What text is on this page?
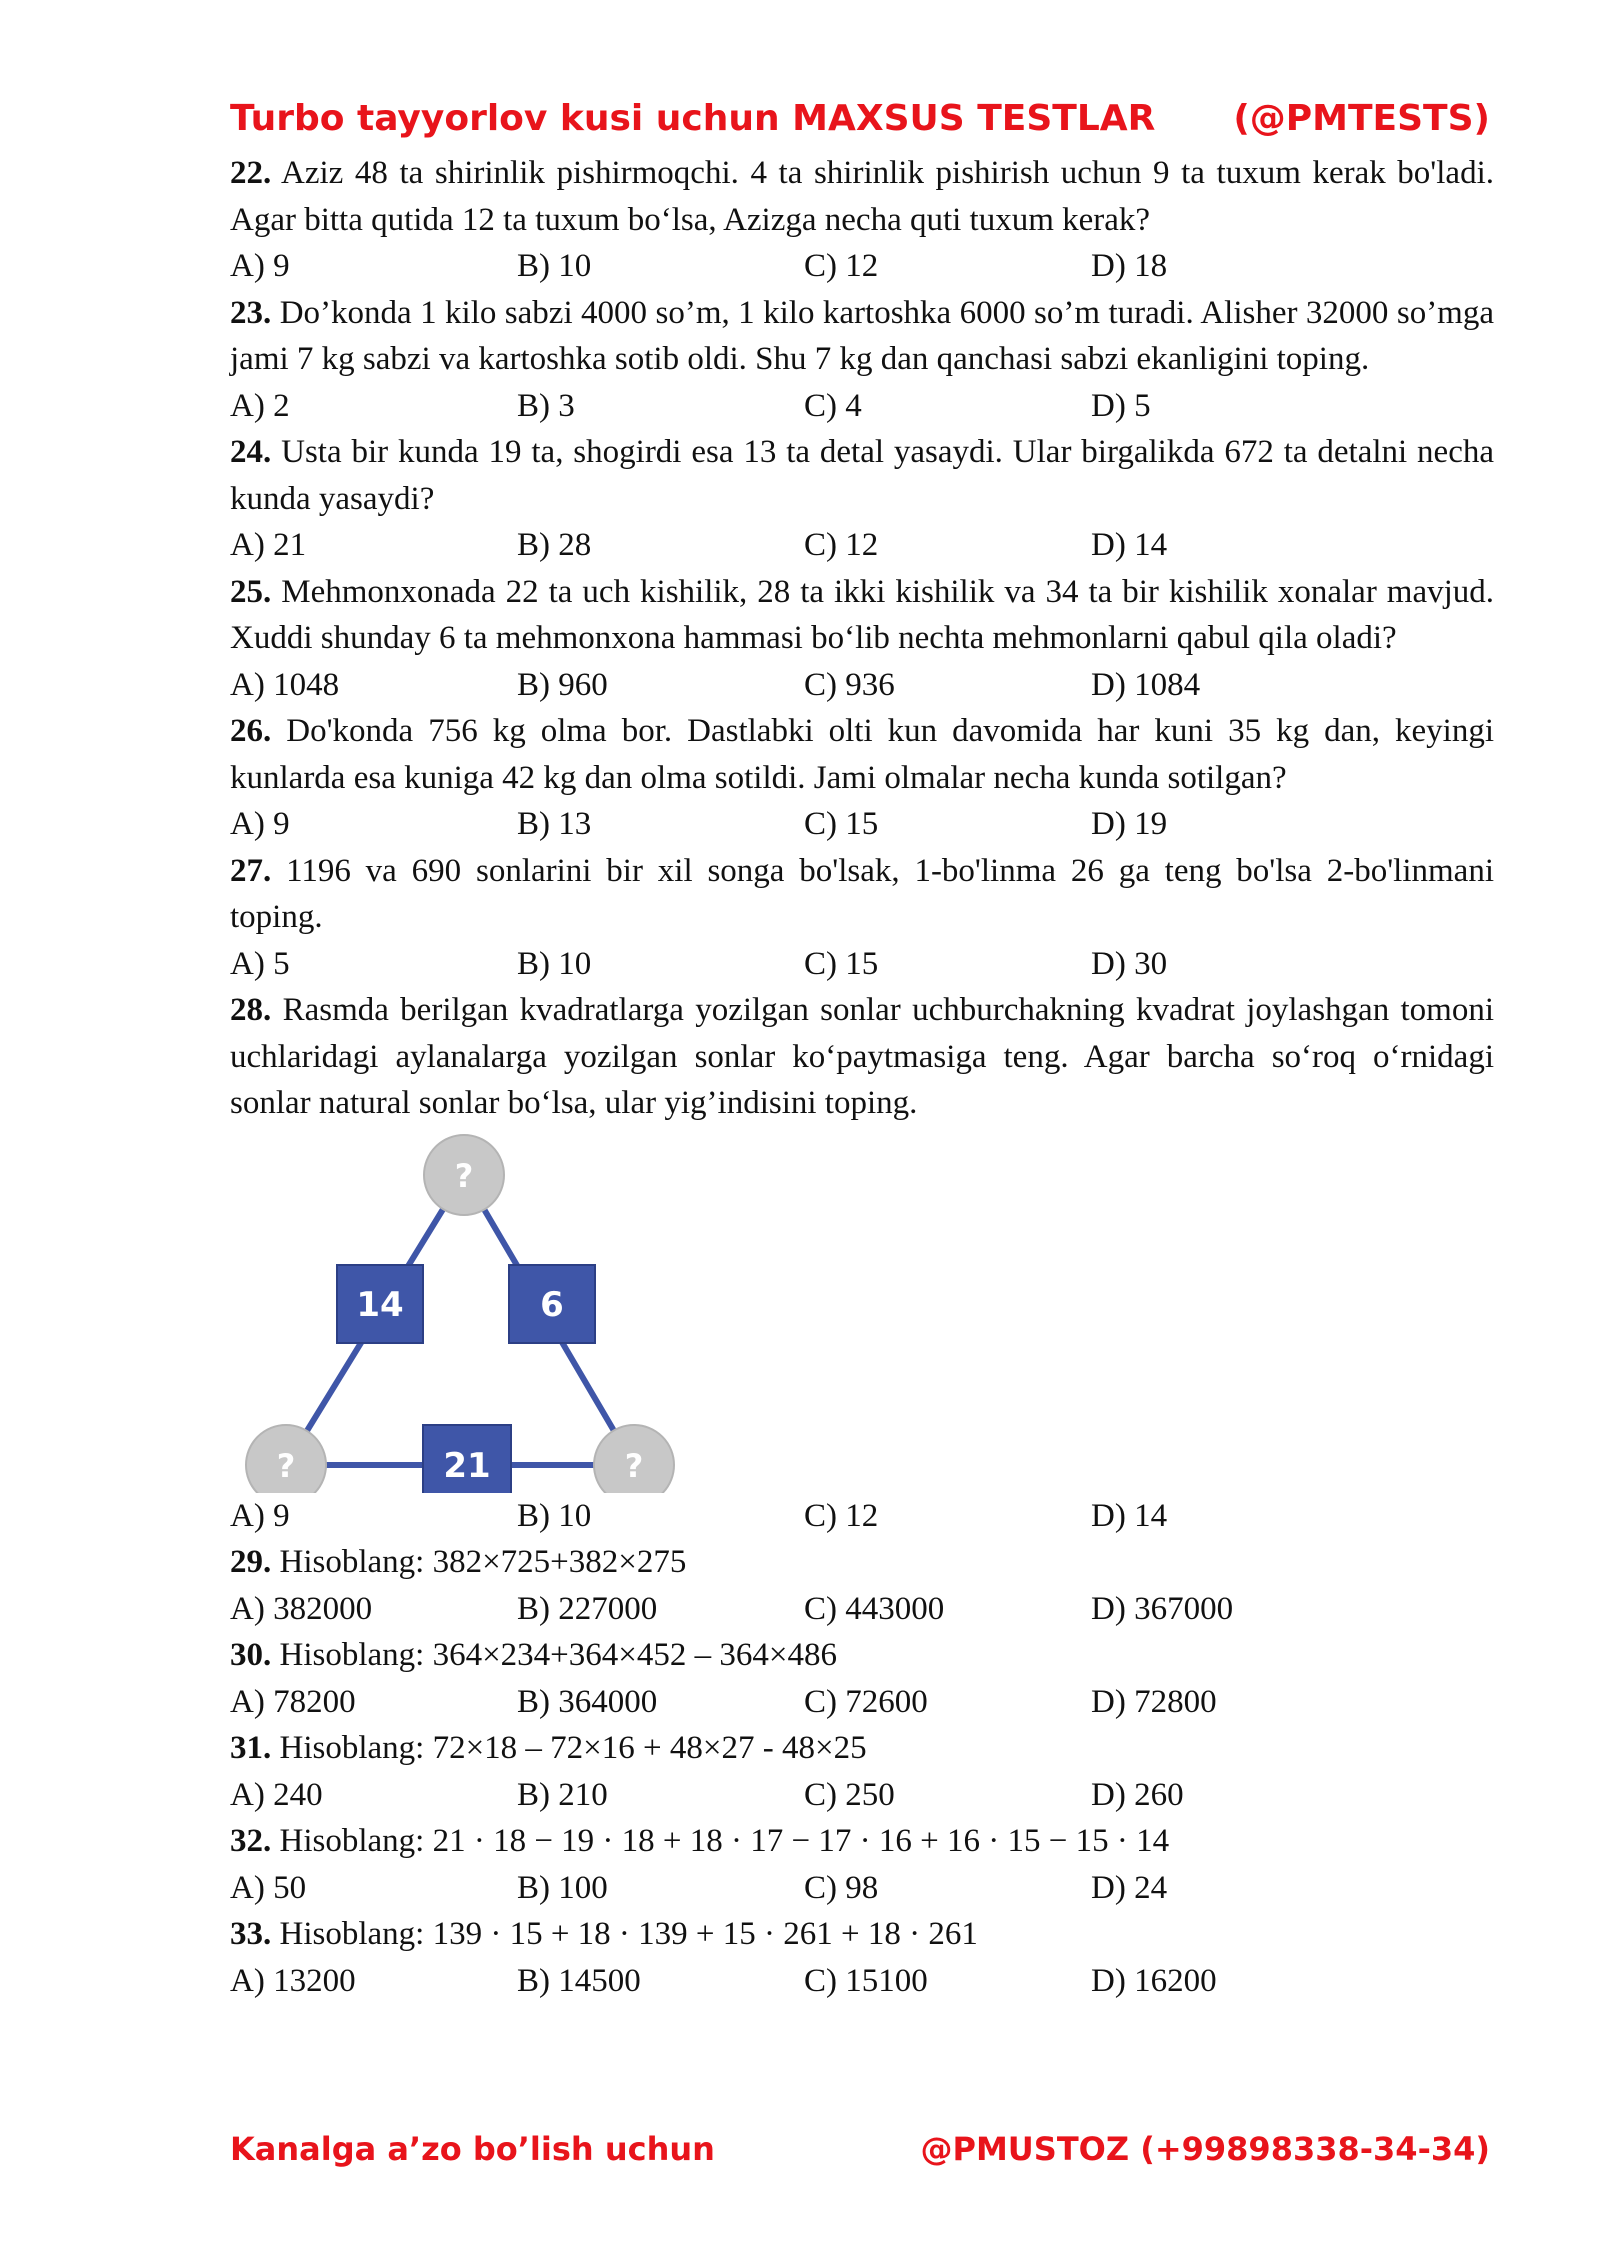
Turbo tayyorlov kusi uchun MAXSUS TESTLAR (@PMTESTS)

22. Aziz 48 ta shirinlik pishirmoqchi. 4 ta shirinlik pishirish uchun 9 ta tuxum kerak bo'ladi. Agar bitta qutida 12 ta tuxum bo‘lsa, Azizga necha quti tuxum kerak?

A) 9	B) 10	C) 12	D) 18

23. Do’konda 1 kilo sabzi 4000 so’m, 1 kilo kartoshka 6000 so’m turadi. Alisher 32000 so’mga jami 7 kg sabzi va kartoshka sotib oldi. Shu 7 kg dan qanchasi sabzi ekanligini toping.

A) 2	B) 3	C) 4	D) 5

24. Usta bir kunda 19 ta, shogirdi esa 13 ta detal yasaydi. Ular birgalikda 672 ta detalni necha kunda yasaydi?

A) 21	B) 28	C) 12	D) 14

25. Mehmonxonada 22 ta uch kishilik, 28 ta ikki kishilik va 34 ta bir kishilik xonalar mavjud. Xuddi shunday 6 ta mehmonxona hammasi bo‘lib nechta mehmonlarni qabul qila oladi?

A) 1048	B) 960	C) 936	D) 1084

26. Do'konda 756 kg olma bor. Dastlabki olti kun davomida har kuni 35 kg dan, keyingi kunlarda esa kuniga 42 kg dan olma sotildi. Jami olmalar necha kunda sotilgan?

A) 9	B) 13	C) 15	D) 19

27. 1196 va 690 sonlarini bir xil songa bo'lsak, 1-bo'linma 26 ga teng bo'lsa 2-bo'linmani toping.

A) 5	B) 10	C) 15	D) 30

28. Rasmda berilgan kvadratlarga yozilgan sonlar uchburchakning kvadrat joylashgan tomoni uchlaridagi aylanalarga yozilgan sonlar ko‘paytmasiga teng. Agar barcha so‘roq o‘rnidagi sonlar natural sonlar bo‘lsa, ular yig’indisini toping.

?
?	?
14	6
21
A) 9	B) 10	C) 12	D) 14

29. Hisoblang: 382×725+382×275

A) 382000	B) 227000	C) 443000	D) 367000

30. Hisoblang: 364×234+364×452 – 364×486

A) 78200	B) 364000	C) 72600	D) 72800

31. Hisoblang: 72×18 – 72×16 + 48×27 - 48×25

A) 240	B) 210	C) 250	D) 260

32. Hisoblang: 21 · 18 − 19 · 18 + 18 · 17 − 17 · 16 + 16 · 15 − 15 · 14

A) 50	B) 100	C) 98	D) 24

33. Hisoblang: 139 · 15 + 18 · 139 + 15 · 261 + 18 · 261

A) 13200	B) 14500	C) 15100	D) 16200
Kanalga a’zo bo’lish uchun	@PMUSTOZ (+99898338-34-34)
